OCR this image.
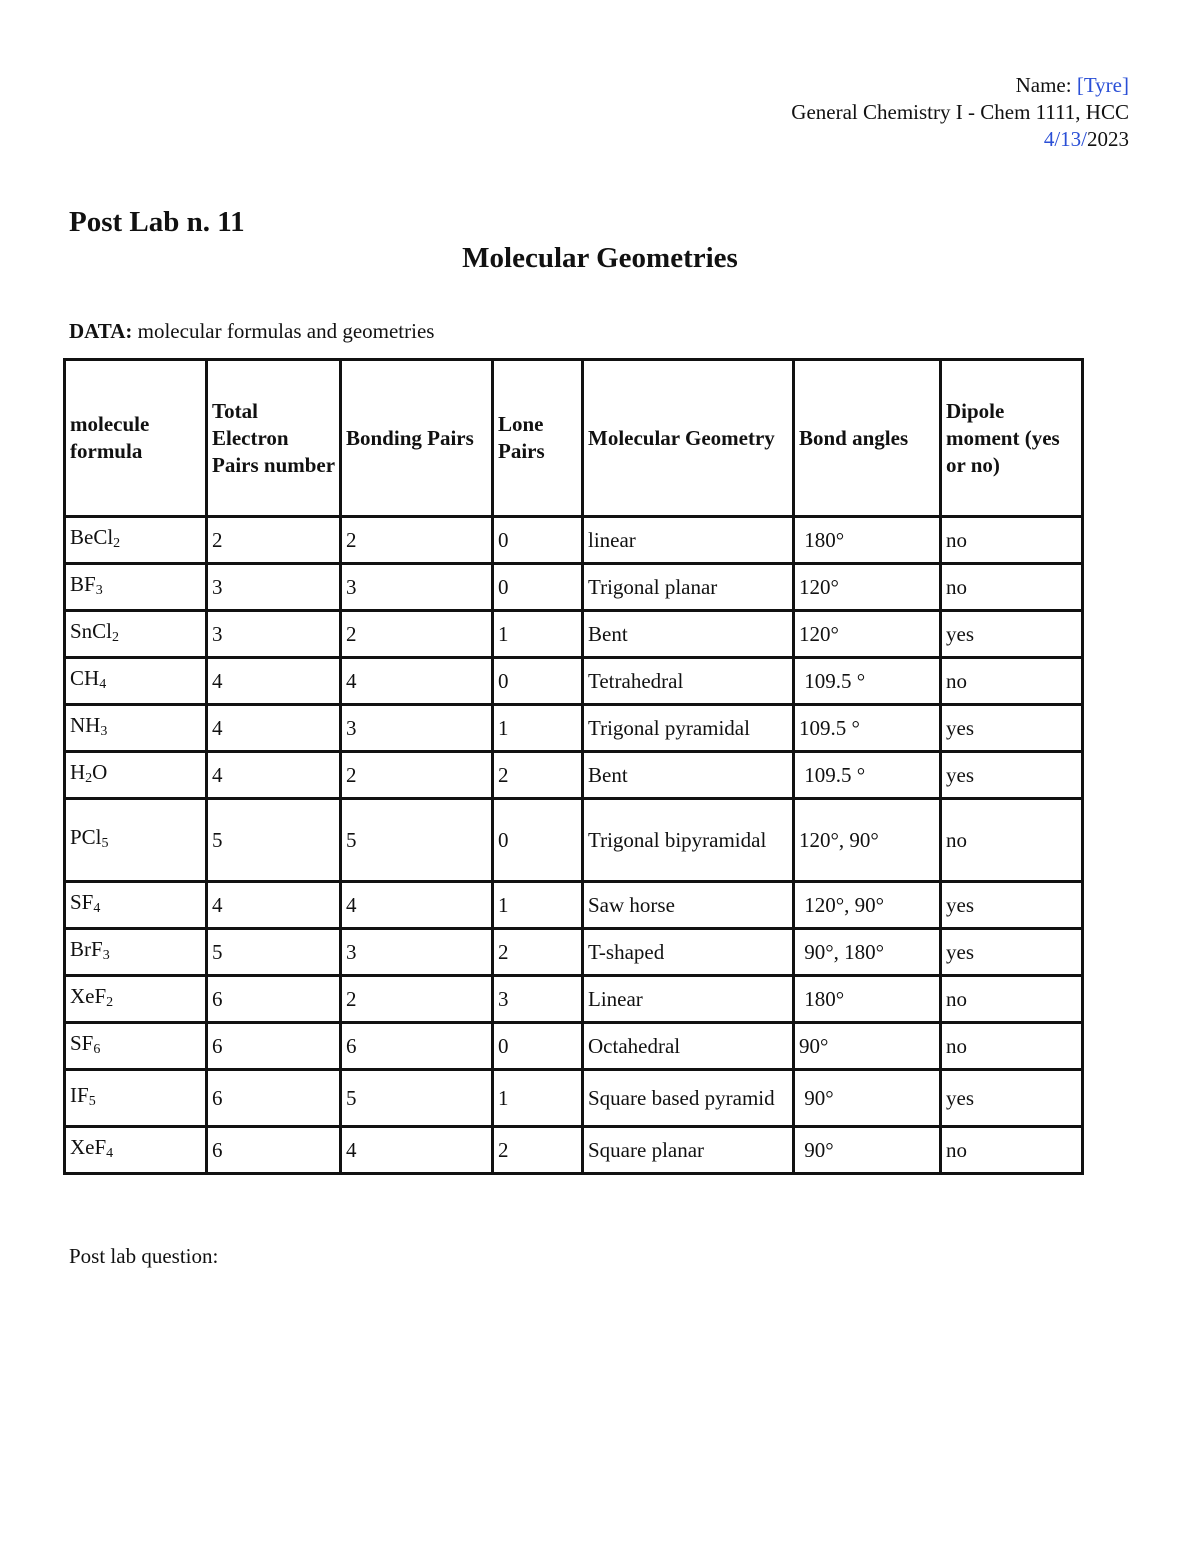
Name: [Tyre]
General Chemistry I - Chem 1111, HCC
4/13/2023
Post Lab n. 11
Molecular Geometries
DATA: molecular formulas and geometries
molecule formula	Total Electron Pairs number	Bonding Pairs	Lone Pairs	Molecular Geometry	Bond angles	Dipole moment (yes or no)
BeCl$_2$	2	2	0	linear	180°	no
$BF_3$	3	3	0	Trigonal planar	120°	no
SnCl$_2$	3	2	1	Bent	120°	yes
$CH_4$	4	4	0	Tetrahedral	109.5 °	no
$NH_3$	4	3	1	Trigonal pyramidal	109.5 °	yes
$H_2O$	4	2	2	Bent	109.5 °	yes
PCl$_5$	5	5	0	Trigonal bipyramidal	120°, 90°	no
$SF_4$	4	4	1	Saw horse	120°, 90°	yes
BrF$_3$	5	3	2	T-shaped	90°, 180°	yes
XeF$_2$	6	2	3	Linear	180°	no
$SF_6$	6	6	0	Octahedral	90°	no
$IF_5$	6	5	1	Square based pyramid	90°	yes
XeF$_4$	6	4	2	Square planar	90°	no
Post lab question:
